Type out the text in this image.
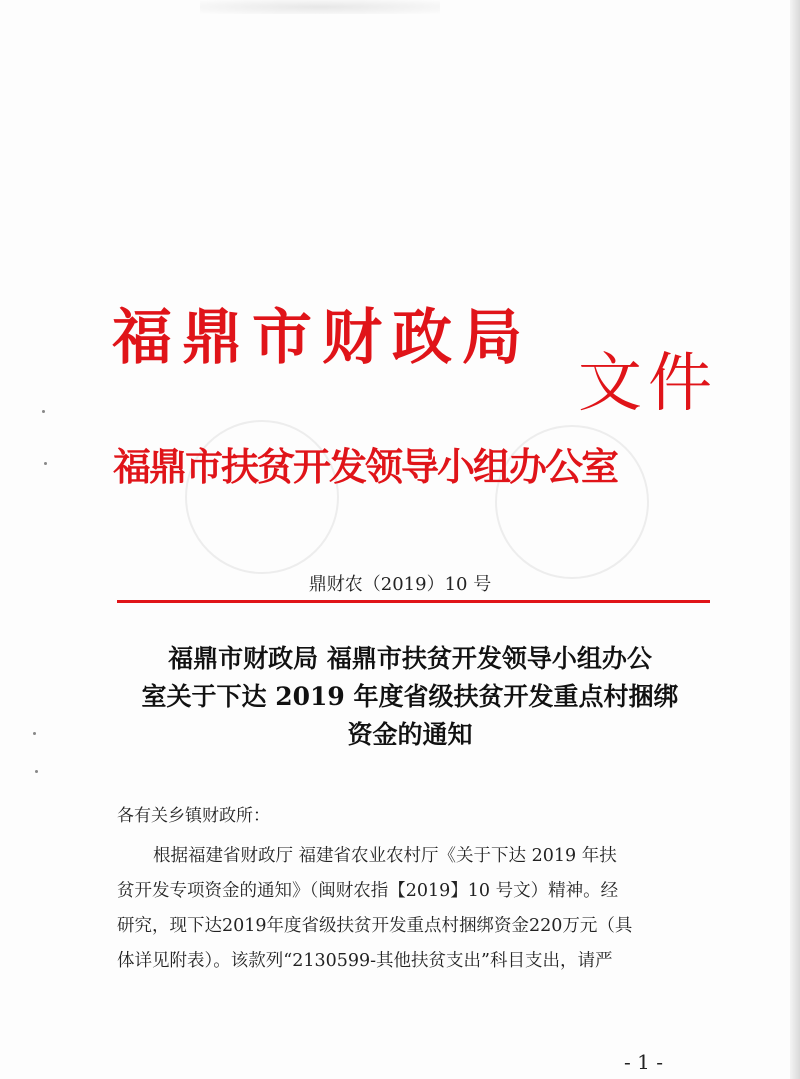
福鼎市财政局
文件
福鼎市扶贫开发领导小组办公室
鼎财农（2019）10 号
福鼎市财政局 福鼎市扶贫开发领导小组办公
室关于下达 2019 年度省级扶贫开发重点村捆绑
资金的通知
各有关乡镇财政所：
根据福建省财政厅 福建省农业农村厅《关于下达 2019 年扶
贫开发专项资金的通知》（闽财农指【2019】10 号文）精神。经
研究，现下达2019年度省级扶贫开发重点村捆绑资金220万元（具
体详见附表）。该款列“2130599-其他扶贫支出”科目支出，请严
- 1 -
